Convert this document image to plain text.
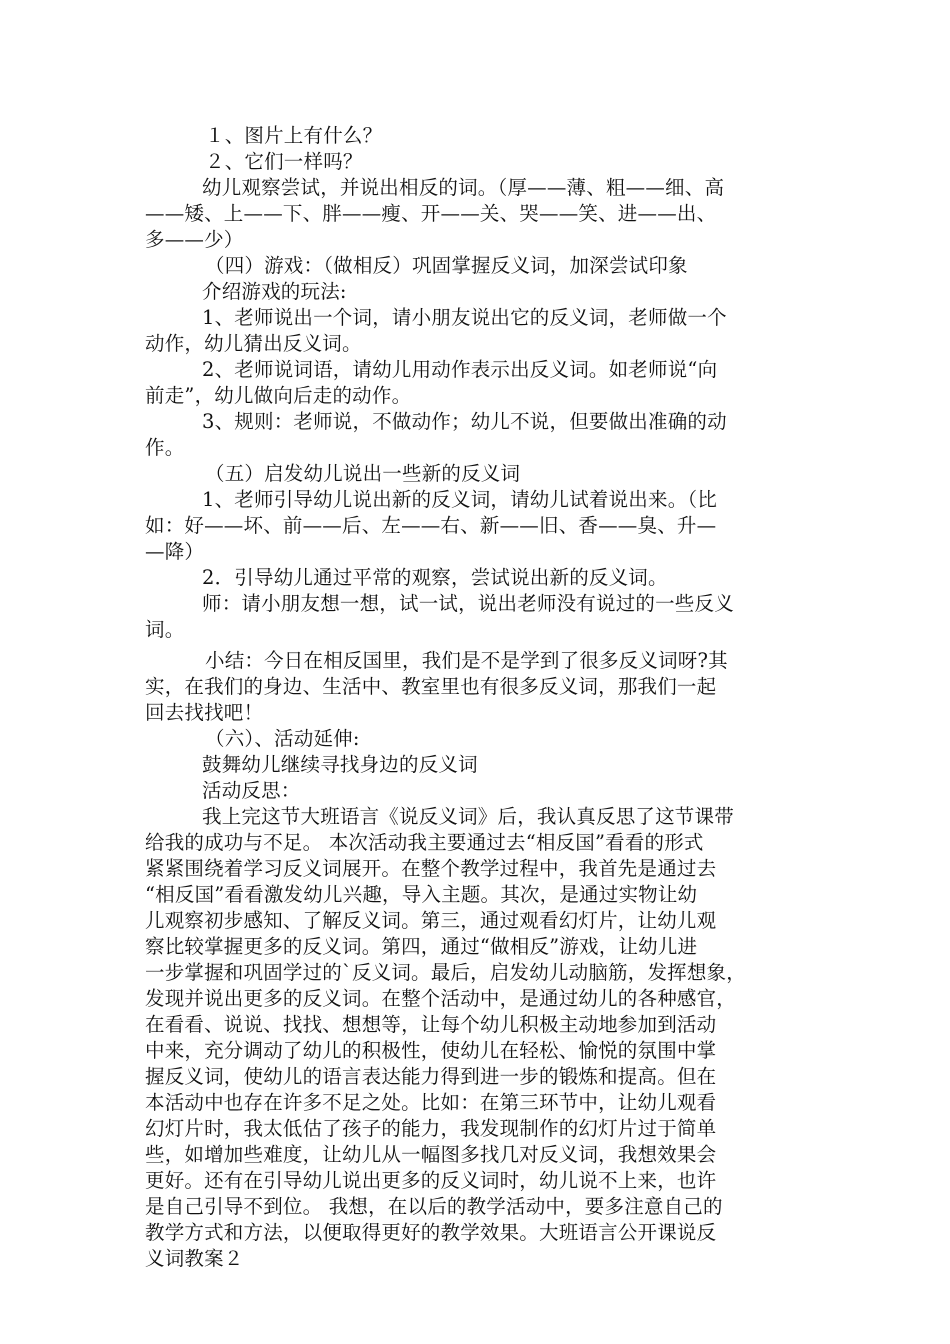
１、图片上有什么？
２、它们一样吗？
幼儿观察尝试，并说出相反的词。（厚——薄、粗——细、高
——矮、上——下、胖——瘦、开——关、哭——笑、进——出、
多——少）
（四）游戏：（做相反）巩固掌握反义词，加深尝试印象
介绍游戏的玩法:
1、老师说出一个词，请小朋友说出它的反义词，老师做一个
动作，幼儿猜出反义词。
2、老师说词语，请幼儿用动作表示出反义词。如老师说“向
前走”，幼儿做向后走的动作。
3、规则：老师说，不做动作；幼儿不说，但要做出准确的动
作。
（五）启发幼儿说出一些新的反义词
1、老师引导幼儿说出新的反义词，请幼儿试着说出来。（比
如：好——坏、前——后、左——右、新——旧、香——臭、升—
—降）
2．引导幼儿通过平常的观察，尝试说出新的反义词。
师：请小朋友想一想，试一试，说出老师没有说过的一些反义
词。
小结：今日在相反国里，我们是不是学到了很多反义词呀?其
实，在我们的身边、生活中、教室里也有很多反义词，那我们一起
回去找找吧！
（六）、活动延伸:
鼓舞幼儿继续寻找身边的反义词
活动反思：
我上完这节大班语言《说反义词》后，我认真反思了这节课带
给我的成功与不足。 本次活动我主要通过去“相反国”看看的形式
紧紧围绕着学习反义词展开。在整个教学过程中，我首先是通过去
“相反国”看看激发幼儿兴趣，导入主题。其次，是通过实物让幼
儿观察初步感知、了解反义词。第三，通过观看幻灯片，让幼儿观
察比较掌握更多的反义词。第四，通过“做相反”游戏，让幼儿进
一步掌握和巩固学过的`反义词。最后，启发幼儿动脑筋，发挥想象，
发现并说出更多的反义词。在整个活动中，是通过幼儿的各种感官，
在看看、说说、找找、想想等，让每个幼儿积极主动地参加到活动
中来，充分调动了幼儿的积极性，使幼儿在轻松、愉悦的氛围中掌
握反义词，使幼儿的语言表达能力得到进一步的锻炼和提高。但在
本活动中也存在许多不足之处。比如：在第三环节中，让幼儿观看
幻灯片时，我太低估了孩子的能力，我发现制作的幻灯片过于简单
些，如增加些难度，让幼儿从一幅图多找几对反义词，我想效果会
更好。还有在引导幼儿说出更多的反义词时，幼儿说不上来，也许
是自己引导不到位。 我想，在以后的教学活动中，要多注意自己的
教学方式和方法，以便取得更好的教学效果。大班语言公开课说反
义词教案２
